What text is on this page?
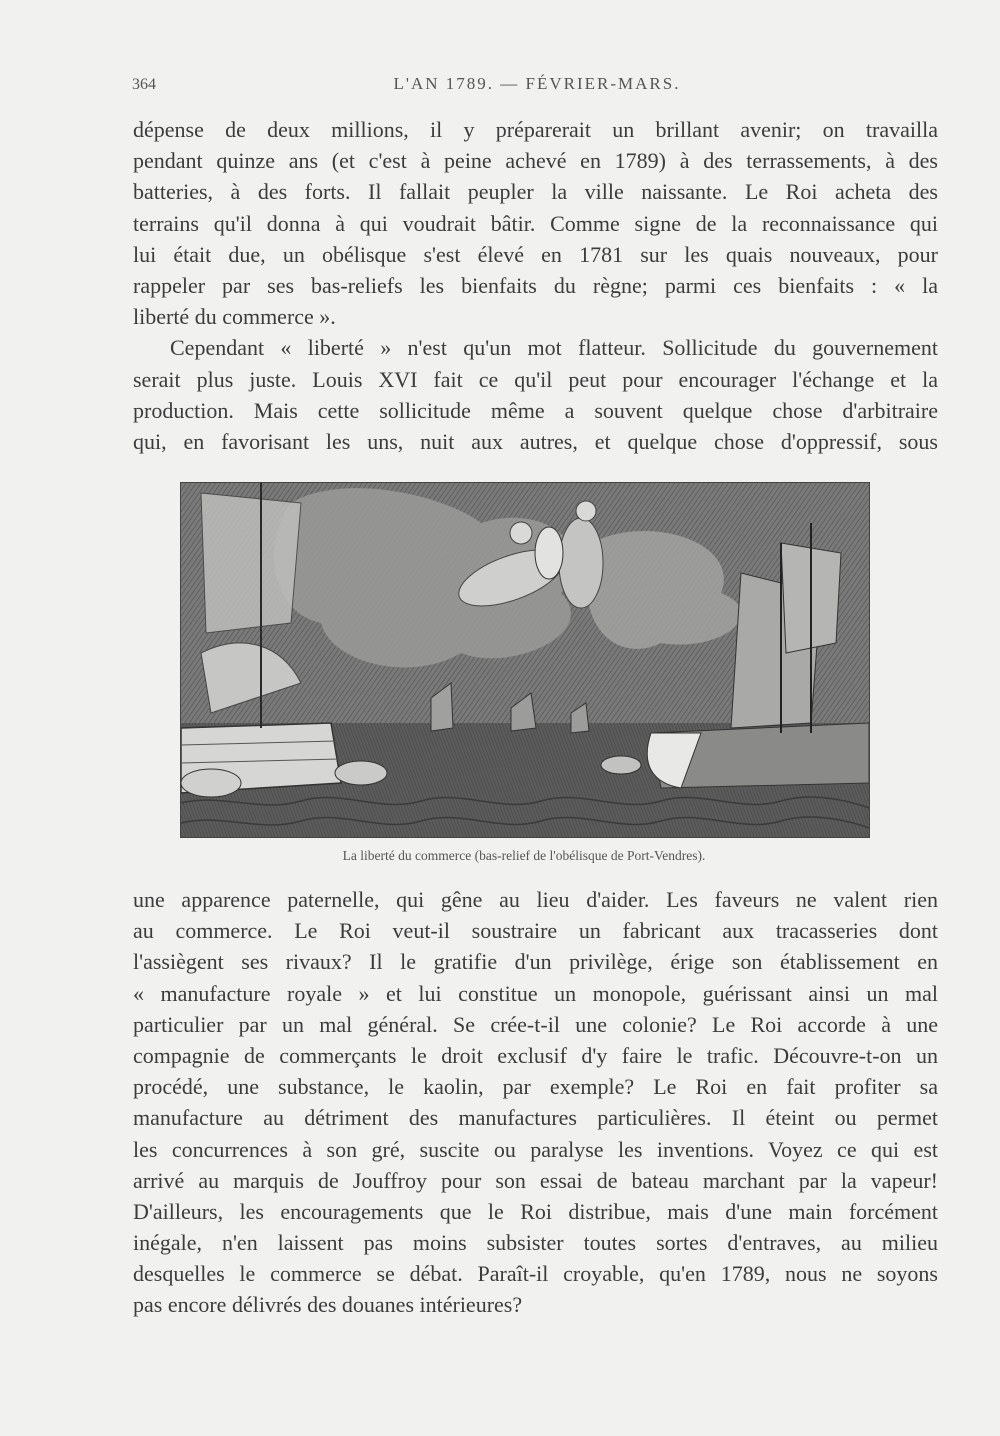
364	L'AN 1789. — FÉVRIER-MARS.
dépense de deux millions, il y préparerait un brillant avenir; on travailla
pendant quinze ans (et c'est à peine achevé en 1789) à des terrassements, à des
batteries, à des forts. Il fallait peupler la ville naissante. Le Roi acheta des
terrains qu'il donna à qui voudrait bâtir. Comme signe de la reconnaissance qui
lui était due, un obélisque s'est élevé en 1781 sur les quais nouveaux, pour
rappeler par ses bas-reliefs les bienfaits du règne; parmi ces bienfaits : « la
liberté du commerce ».
Cependant « liberté » n'est qu'un mot flatteur. Sollicitude du gouvernement
serait plus juste. Louis XVI fait ce qu'il peut pour encourager l'échange et la
production. Mais cette sollicitude même a souvent quelque chose d'arbitraire
qui, en favorisant les uns, nuit aux autres, et quelque chose d'oppressif, sous
La liberté du commerce (bas-relief de l'obélisque de Port-Vendres).
une apparence paternelle, qui gêne au lieu d'aider. Les faveurs ne valent rien
au commerce. Le Roi veut-il soustraire un fabricant aux tracasseries dont
l'assiègent ses rivaux? Il le gratifie d'un privilège, érige son établissement en
« manufacture royale » et lui constitue un monopole, guérissant ainsi un mal
particulier par un mal général. Se crée-t-il une colonie? Le Roi accorde à une
compagnie de commerçants le droit exclusif d'y faire le trafic. Découvre-t-on un
procédé, une substance, le kaolin, par exemple? Le Roi en fait profiter sa
manufacture au détriment des manufactures particulières. Il éteint ou permet
les concurrences à son gré, suscite ou paralyse les inventions. Voyez ce qui est
arrivé au marquis de Jouffroy pour son essai de bateau marchant par la vapeur!
D'ailleurs, les encouragements que le Roi distribue, mais d'une main forcément
inégale, n'en laissent pas moins subsister toutes sortes d'entraves, au milieu
desquelles le commerce se débat. Paraît-il croyable, qu'en 1789, nous ne soyons
pas encore délivrés des douanes intérieures?
